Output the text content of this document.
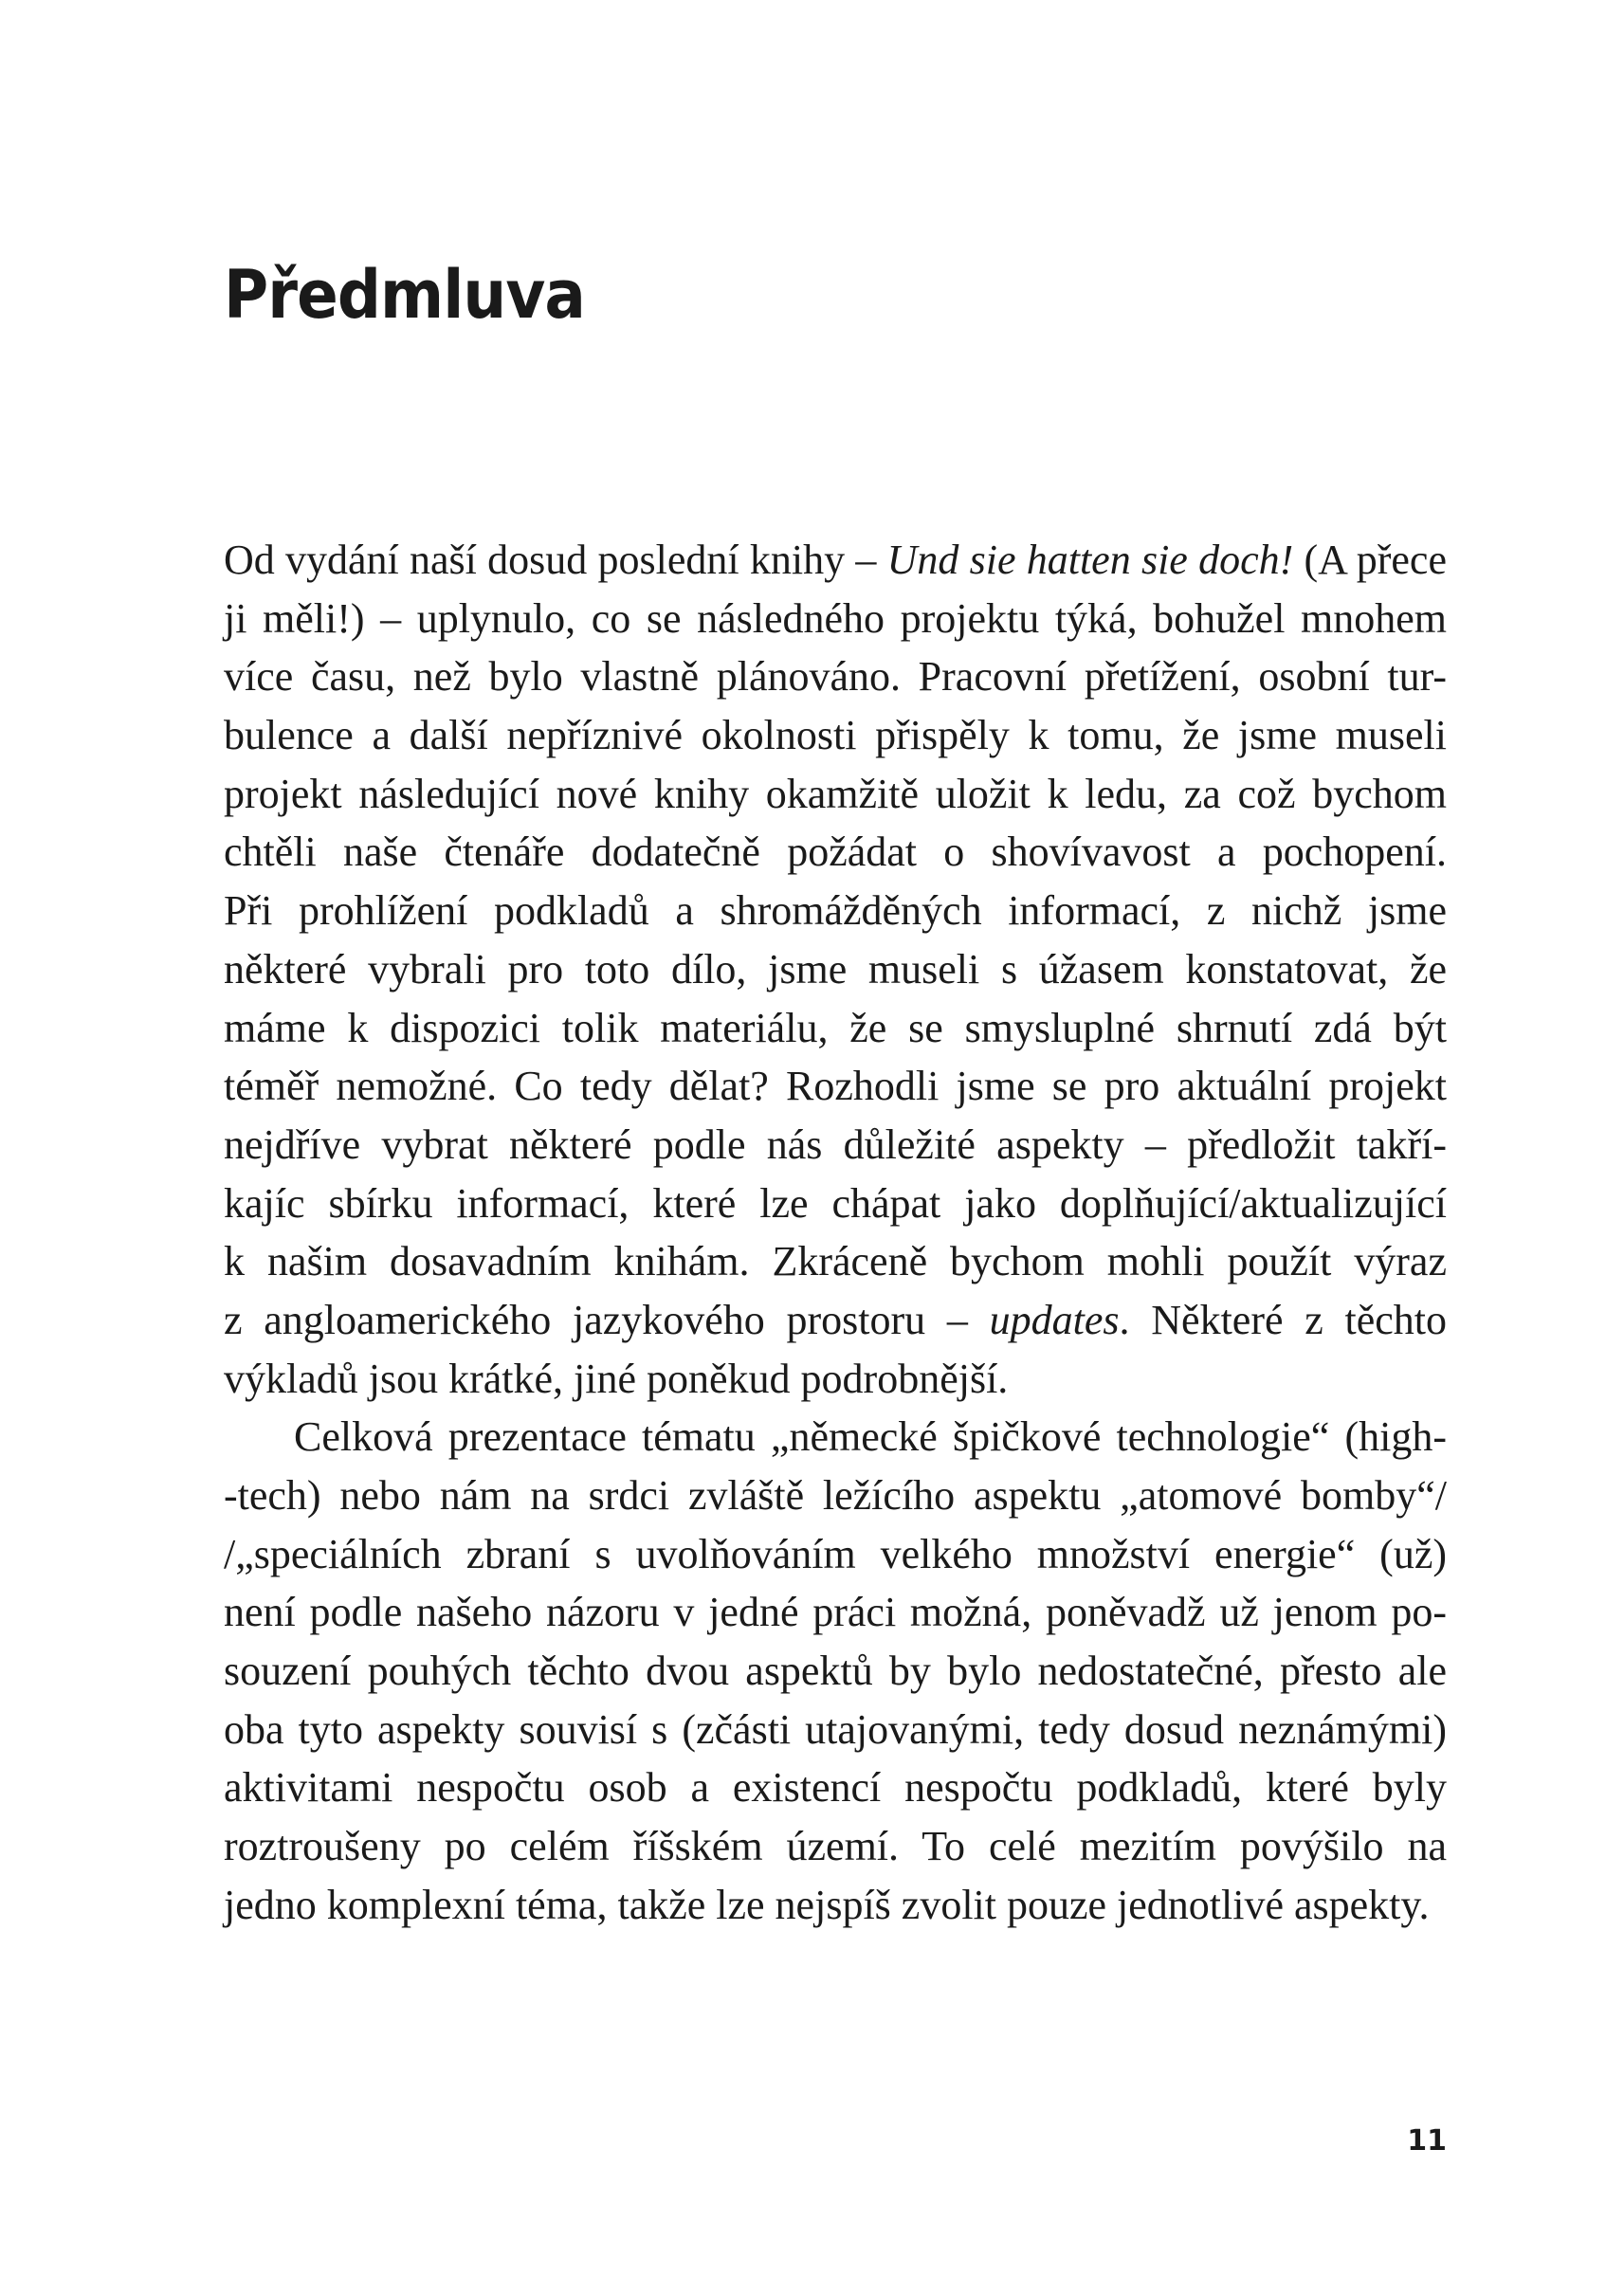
Předmluva
Od vydání naší dosud poslední knihy – Und sie hatten sie doch! (A přece
ji měli!) – uplynulo, co se následného projektu týká, bohužel mnohem
více času, než bylo vlastně plánováno. Pracovní přetížení, osobní tur-
bulence a další nepříznivé okolnosti přispěly k tomu, že jsme museli
projekt následující nové knihy okamžitě uložit k ledu, za což bychom
chtěli naše čtenáře dodatečně požádat o shovívavost a pochopení.
Při prohlížení podkladů a shromážděných informací, z nichž jsme
některé vybrali pro toto dílo, jsme museli s úžasem konstatovat, že
máme k dispozici tolik materiálu, že se smysluplné shrnutí zdá být
téměř nemožné. Co tedy dělat? Rozhodli jsme se pro aktuální projekt
nejdříve vybrat některé podle nás důležité aspekty – předložit takří-
kajíc sbírku informací, které lze chápat jako doplňující/aktualizující
k našim dosavadním knihám. Zkráceně bychom mohli použít výraz
z angloamerického jazykového prostoru – updates. Některé z těchto
výkladů jsou krátké, jiné poněkud podrobnější.
Celková prezentace tématu „německé špičkové technologie“ (high-
-tech) nebo nám na srdci zvláště ležícího aspektu „atomové bomby“/
/„speciálních zbraní s uvolňováním velkého množství energie“ (už)
není podle našeho názoru v jedné práci možná, poněvadž už jenom po-
souzení pouhých těchto dvou aspektů by bylo nedostatečné, přesto ale
oba tyto aspekty souvisí s (zčásti utajovanými, tedy dosud neznámými)
aktivitami nespočtu osob a existencí nespočtu podkladů, které byly
roztroušeny po celém říšském území. To celé mezitím povýšilo na
jedno komplexní téma, takže lze nejspíš zvolit pouze jednotlivé aspekty.

11
